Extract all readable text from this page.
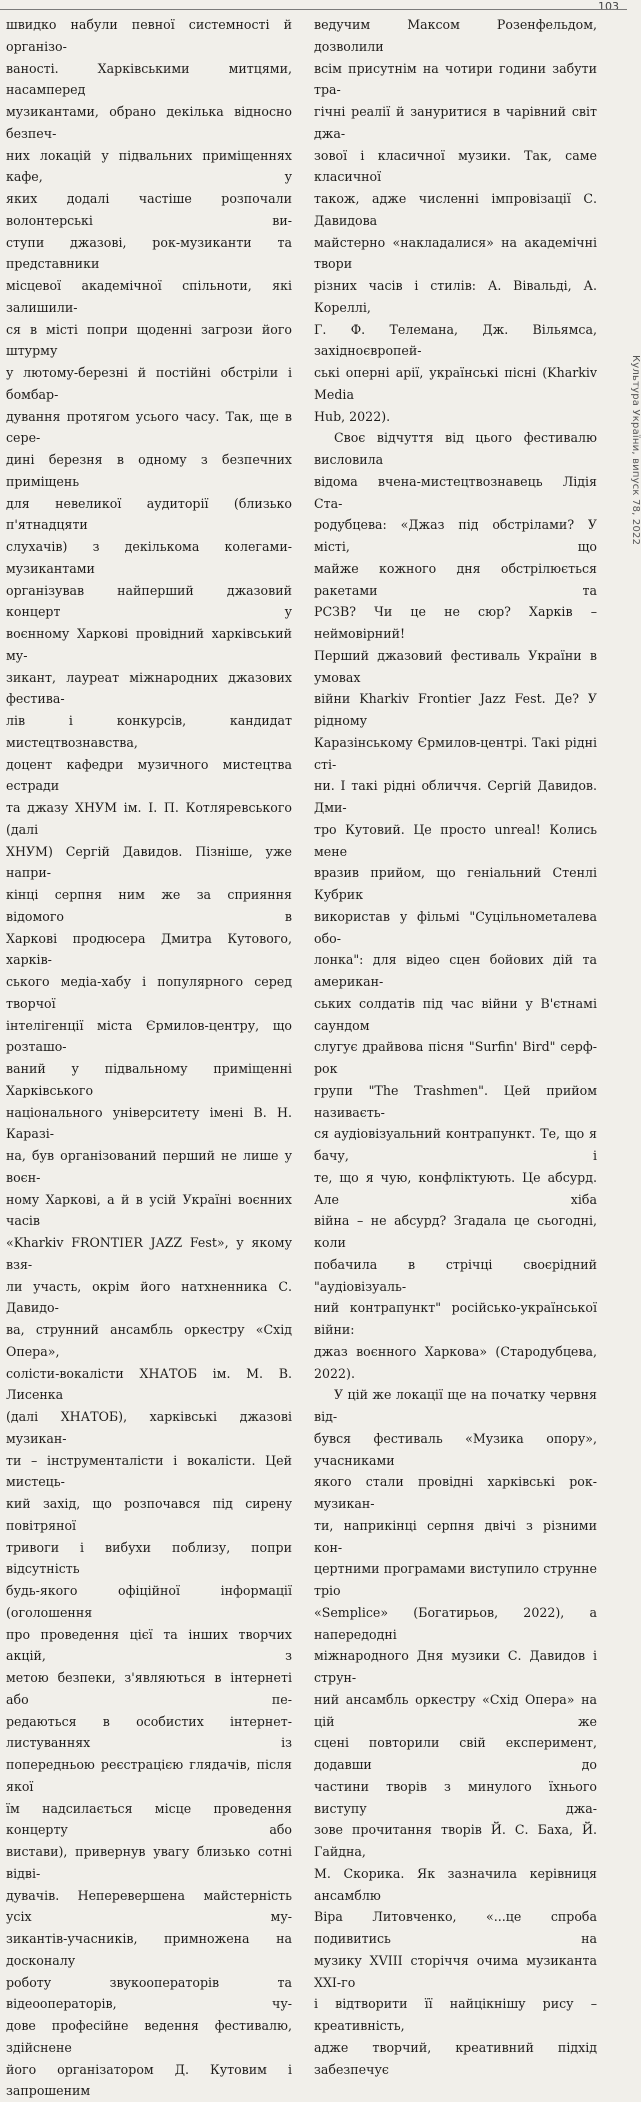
103
Культура України, випуск 78, 2022

швидко набули певної системності й організо-
ваності. Харківськими митцями, насамперед
музикантами, обрано декілька відносно безпеч-
них локацій у підвальних приміщеннях кафе, у
яких додалі частіше розпочали волонтерські ви-
ступи джазові, рок-музиканти та представники
місцевої академічної спільноти, які залишили-
ся в місті попри щоденні загрози його штурму
у лютому-березні й постійні обстріли і бомбар-
дування протягом усього часу. Так, ще в сере-
дині березня в одному з безпечних приміщень
для невеликої аудиторії (близько п'ятнадцяти
слухачів) з декількома колегами-музикантами
організував найперший джазовий концерт у
воєнному Харкові провідний харківський му-
зикант, лауреат міжнародних джазових фестива-
лів і конкурсів, кандидат мистецтвознавства,
доцент кафедри музичного мистецтва естради
та джазу ХНУМ ім. І. П. Котляревського (далі
ХНУМ) Сергій Давидов. Пізніше, уже напри-
кінці серпня ним же за сприяння відомого в
Харкові продюсера Дмитра Кутового, харків-
ського медіа-хабу і популярного серед творчої
інтелігенції міста Єрмилов-центру, що розташо-
ваний у підвальному приміщенні Харківського
національного університету імені В. Н. Каразі-
на, був організований перший не лише у воєн-
ному Харкові, а й в усій Україні воєнних часів
«Kharkiv FRONTIER JAZZ Fest», у якому взя-
ли участь, окрім його натхненника С. Давидо-
ва, струнний ансамбль оркестру «Схід Опера»,
солісти-вокалісти ХНАТОБ ім. М. В. Лисенка
(далі ХНАТОБ), харківські джазові музикан-
ти – інструменталісти і вокалісти. Цей мистець-
кий захід, що розпочався під сирену повітряної
тривоги і вибухи поблизу, попри відсутність
будь-якого офіційної інформації (оголошення
про проведення цієї та інших творчих акцій, з
метою безпеки, з'являються в інтернеті або пе-
редаються в особистих інтернет-листуваннях із
попередньою реєстрацією глядачів, після якої
їм надсилається місце проведення концерту або
вистави), привернув увагу близько сотні відві-
дувачів. Неперевершена майстерність усіх му-
зикантів-учасників, примножена на досконалу
роботу звукооператорів та відеооператорів, чу-
дове професійне ведення фестивалю, здійснене
його організатором Д. Кутовим і запрошеним

ведучим Максом Розенфельдом, дозволили
всім присутнім на чотири години забути тра-
гічні реалії й зануритися в чарівний світ джа-
зової і класичної музики. Так, саме класичної
також, адже численні імпровізації С. Давидова
майстерно «накладалися» на академічні твори
різних часів і стилів: А. Вівальді, А. Кореллі,
Г. Ф. Телемана, Дж. Вільямса, західноєвропей-
ські оперні арії, українські пісні (Kharkiv Media
Hub, 2022).

Своє відчуття від цього фестивалю висловила
відома вчена-мистецтвознавець Лідія Ста-
родубцева: «Джаз під обстрілами? У місті, що
майже кожного дня обстрілюється ракетами та
РСЗВ? Чи це не сюр? Харків – неймовірний!
Перший джазовий фестиваль України в умовах
війни Kharkiv Frontier Jazz Fest. Де? У рідному
Каразінському Єрмилов-центрі. Такі рідні сті-
ни. І такі рідні обличчя. Сергій Давидов. Дми-
тро Кутовий. Це просто unreal! Колись мене
вразив прийом, що геніальний Стенлі Кубрик
використав у фільмі "Суцільнометалева обо-
лонка": для відео сцен бойових дій та американ-
ських солдатів під час війни у В'єтнамі саундом
слугує драйвова пісня "Surfin' Bird" серф-рок
групи "The Trashmen". Цей прийом називаєть-
ся аудіовізуальний контрапункт. Те, що я бачу, і
те, що я чую, конфліктують. Це абсурд. Але хіба
війна – не абсурд? Згадала це сьогодні, коли
побачила в стрічці своєрідний "аудіовізуаль-
ний контрапункт" російсько-української війни:
джаз воєнного Харкова» (Стародубцева, 2022).

У цій же локації ще на початку червня від-
бувся фестиваль «Музика опору», учасниками
якого стали провідні харківські рок-музикан-
ти, наприкінці серпня двічі з різними кон-
цертними програмами виступило струнне тріо
«Semplice» (Богатирьов, 2022), а напередодні
міжнародного Дня музики С. Давидов і струн-
ний ансамбль оркестру «Схід Опера» на цій же
сцені повторили свій експеримент, додавши до
частини творів з минулого їхнього виступу джа-
зове прочитання творів Й. С. Баха, Й. Гайдна,
М. Скорика. Як зазначила керівниця ансамблю
Віра Литовченко, «...це спроба подивитись на
музику XVIII сторіччя очима музиканта XXI-го
і відтворити її найцікнішу рису – креативність,
адже творчий, креативний підхід забезпечує
